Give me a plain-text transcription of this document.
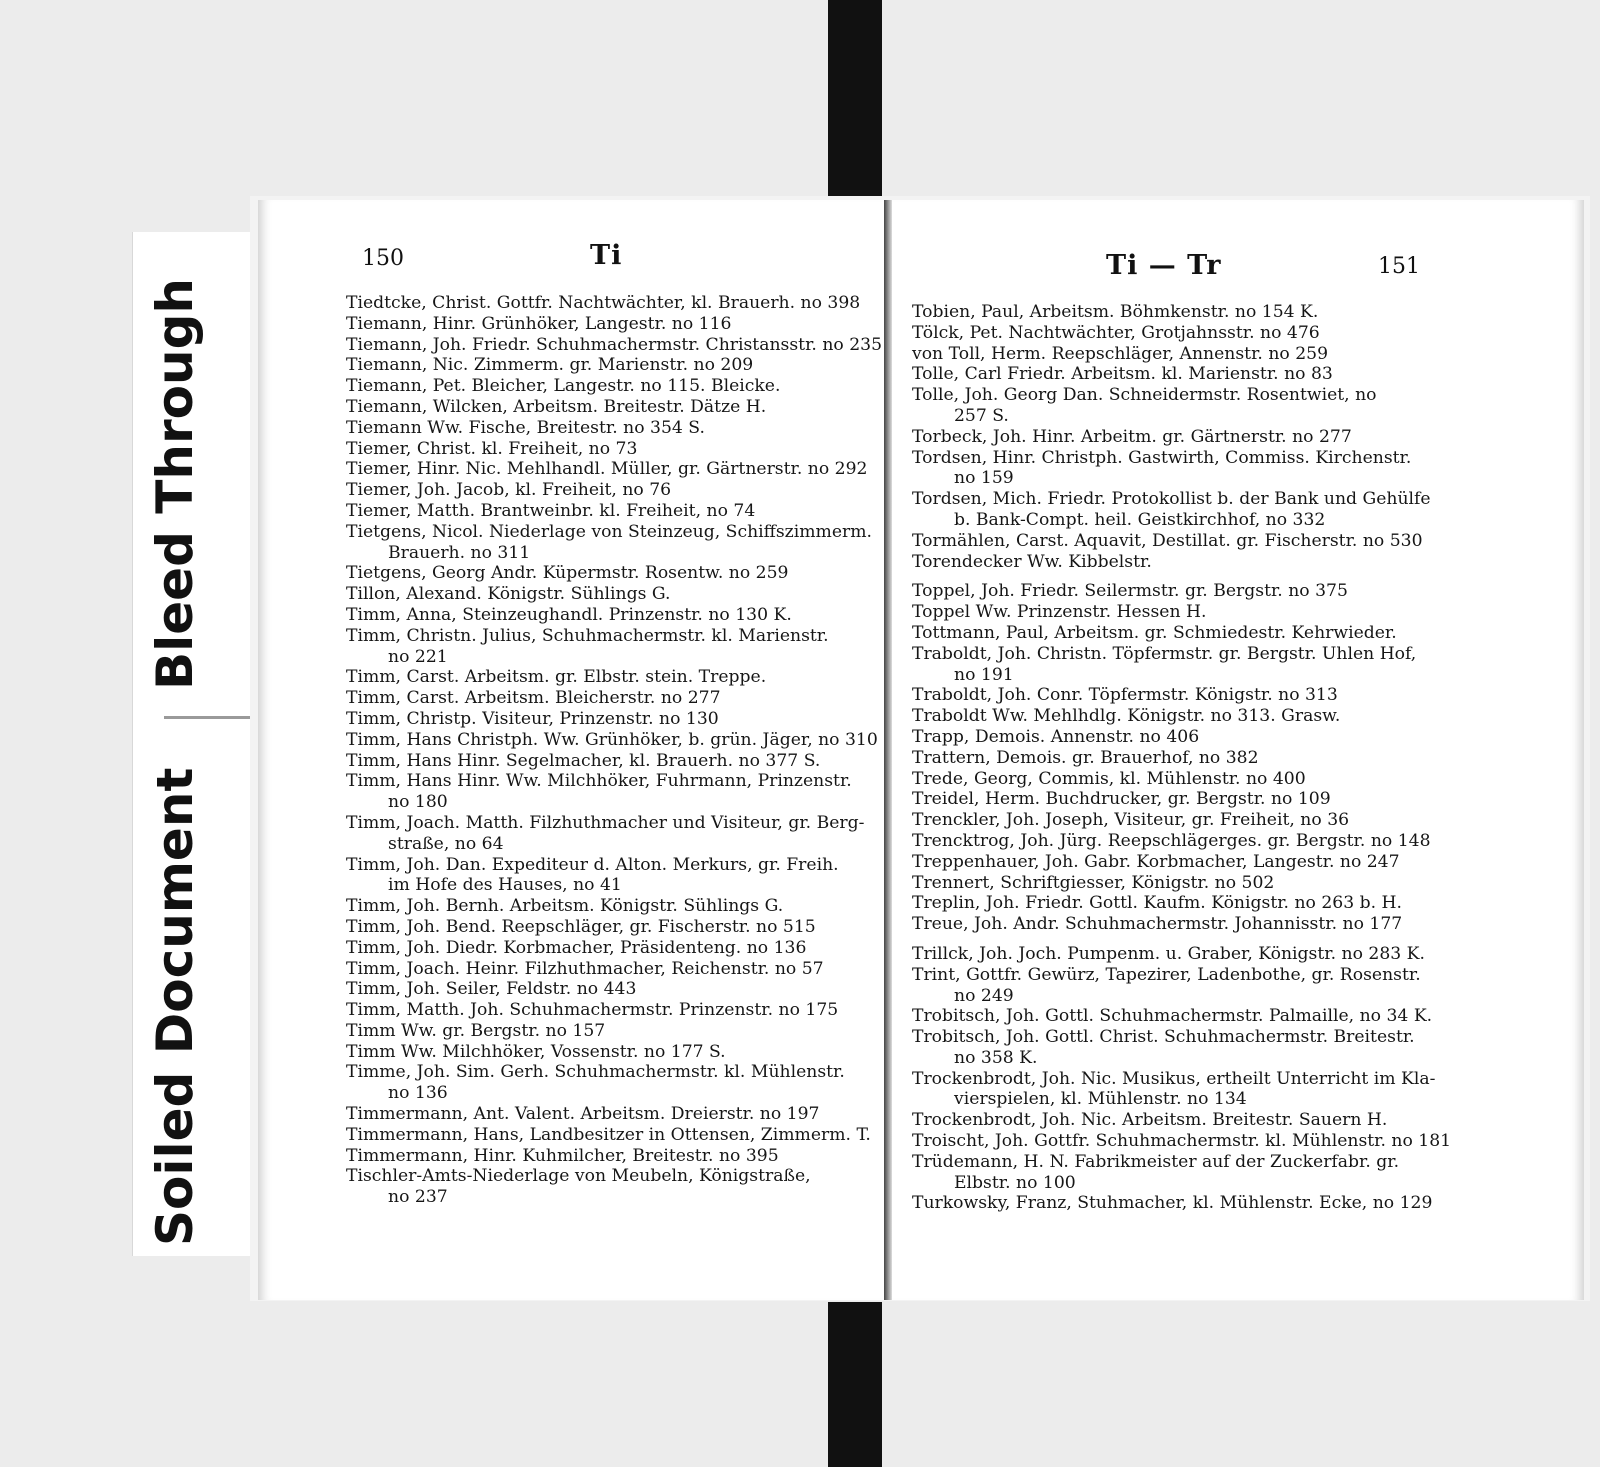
Soiled Document
Bleed Through
150	Ti
Tiedtcke, Christ. Gottfr. Nachtwächter, kl. Brauerh. no 398
Tiemann, Hinr. Grünhöker, Langestr. no 116
Tiemann, Joh. Friedr. Schuhmachermstr. Christansstr. no 235
Tiemann, Nic. Zimmerm. gr. Marienstr. no 209
Tiemann, Pet. Bleicher, Langestr. no 115. Bleicke.
Tiemann, Wilcken, Arbeitsm. Breitestr. Dätze H.
Tiemann Ww. Fische, Breitestr. no 354 S.
Tiemer, Christ. kl. Freiheit, no 73
Tiemer, Hinr. Nic. Mehlhandl. Müller, gr. Gärtnerstr. no 292
Tiemer, Joh. Jacob, kl. Freiheit, no 76
Tiemer, Matth. Brantweinbr. kl. Freiheit, no 74
Tietgens, Nicol. Niederlage von Steinzeug, Schiffszimmerm.
Brauerh. no 311
Tietgens, Georg Andr. Küpermstr. Rosentw. no 259
Tillon, Alexand. Königstr. Sühlings G.
Timm, Anna, Steinzeughandl. Prinzenstr. no 130 K.
Timm, Christn. Julius, Schuhmachermstr. kl. Marienstr.
no 221
Timm, Carst. Arbeitsm. gr. Elbstr. stein. Treppe.
Timm, Carst. Arbeitsm. Bleicherstr. no 277
Timm, Christp. Visiteur, Prinzenstr. no 130
Timm, Hans Christph. Ww. Grünhöker, b. grün. Jäger, no 310
Timm, Hans Hinr. Segelmacher, kl. Brauerh. no 377 S.
Timm, Hans Hinr. Ww. Milchhöker, Fuhrmann, Prinzenstr.
no 180
Timm, Joach. Matth. Filzhuthmacher und Visiteur, gr. Berg-
straße, no 64
Timm, Joh. Dan. Expediteur d. Alton. Merkurs, gr. Freih.
im Hofe des Hauses, no 41
Timm, Joh. Bernh. Arbeitsm. Königstr. Sühlings G.
Timm, Joh. Bend. Reepschläger, gr. Fischerstr. no 515
Timm, Joh. Diedr. Korbmacher, Präsidenteng. no 136
Timm, Joach. Heinr. Filzhuthmacher, Reichenstr. no 57
Timm, Joh. Seiler, Feldstr. no 443
Timm, Matth. Joh. Schuhmachermstr. Prinzenstr. no 175
Timm Ww. gr. Bergstr. no 157
Timm Ww. Milchhöker, Vossenstr. no 177 S.
Timme, Joh. Sim. Gerh. Schuhmachermstr. kl. Mühlenstr.
no 136
Timmermann, Ant. Valent. Arbeitsm. Dreierstr. no 197
Timmermann, Hans, Landbesitzer in Ottensen, Zimmerm. T.
Timmermann, Hinr. Kuhmilcher, Breitestr. no 395
Tischler-Amts-Niederlage von Meubeln, Königstraße,
no 237
Ti — Tr	151
Tobien, Paul, Arbeitsm. Böhmkenstr. no 154 K.
Tölck, Pet. Nachtwächter, Grotjahnsstr. no 476
von Toll, Herm. Reepschläger, Annenstr. no 259
Tolle, Carl Friedr. Arbeitsm. kl. Marienstr. no 83
Tolle, Joh. Georg Dan. Schneidermstr. Rosentwiet, no
257 S.
Torbeck, Joh. Hinr. Arbeitm. gr. Gärtnerstr. no 277
Tordsen, Hinr. Christph. Gastwirth, Commiss. Kirchenstr.
no 159
Tordsen, Mich. Friedr. Protokollist b. der Bank und Gehülfe
b. Bank-Compt. heil. Geistkirchhof, no 332
Tormählen, Carst. Aquavit, Destillat. gr. Fischerstr. no 530
Torendecker Ww. Kibbelstr.
Toppel, Joh. Friedr. Seilermstr. gr. Bergstr. no 375
Toppel Ww. Prinzenstr. Hessen H.
Tottmann, Paul, Arbeitsm. gr. Schmiedestr. Kehrwieder.
Traboldt, Joh. Christn. Töpfermstr. gr. Bergstr. Uhlen Hof,
no 191
Traboldt, Joh. Conr. Töpfermstr. Königstr. no 313
Traboldt Ww. Mehlhdlg. Königstr. no 313. Grasw.
Trapp, Demois. Annenstr. no 406
Trattern, Demois. gr. Brauerhof, no 382
Trede, Georg, Commis, kl. Mühlenstr. no 400
Treidel, Herm. Buchdrucker, gr. Bergstr. no 109
Trenckler, Joh. Joseph, Visiteur, gr. Freiheit, no 36
Trencktrog, Joh. Jürg. Reepschlägerges. gr. Bergstr. no 148
Treppenhauer, Joh. Gabr. Korbmacher, Langestr. no 247
Trennert, Schriftgiesser, Königstr. no 502
Treplin, Joh. Friedr. Gottl. Kaufm. Königstr. no 263 b. H.
Treue, Joh. Andr. Schuhmachermstr. Johannisstr. no 177
Trillck, Joh. Joch. Pumpenm. u. Graber, Königstr. no 283 K.
Trint, Gottfr. Gewürz, Tapezirer, Ladenbothe, gr. Rosenstr.
no 249
Trobitsch, Joh. Gottl. Schuhmachermstr. Palmaille, no 34 K.
Trobitsch, Joh. Gottl. Christ. Schuhmachermstr. Breitestr.
no 358 K.
Trockenbrodt, Joh. Nic. Musikus, ertheilt Unterricht im Kla-
vierspielen, kl. Mühlenstr. no 134
Trockenbrodt, Joh. Nic. Arbeitsm. Breitestr. Sauern H.
Troischt, Joh. Gottfr. Schuhmachermstr. kl. Mühlenstr. no 181
Trüdemann, H. N. Fabrikmeister auf der Zuckerfabr. gr.
Elbstr. no 100
Turkowsky, Franz, Stuhmacher, kl. Mühlenstr. Ecke, no 129
